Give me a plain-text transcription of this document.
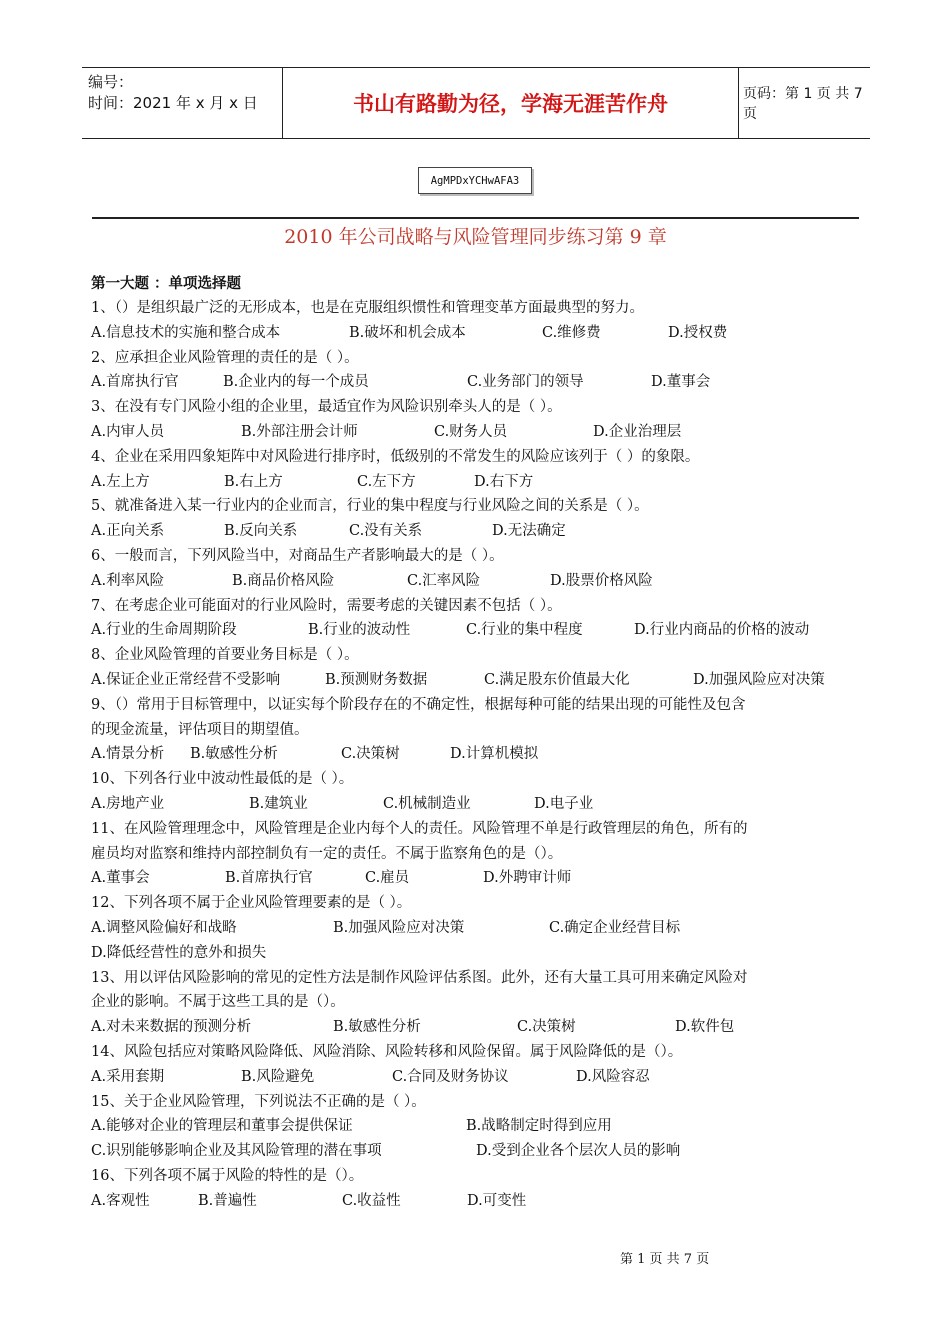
编号：
时间：2021 年 x 月 x 日	书山有路勤为径，学海无涯苦作舟	页码：第 1 页 共 7 页
AgMPDxYCHwAFA3
2010 年公司战略与风险管理同步练习第 9 章
第一大题 ：单项选择题
1、（）是组织最广泛的无形成本，也是在克服组织惯性和管理变革方面最典型的努力。
A.信息技术的实施和整合成本	B.破坏和机会成本	C.维修费	D.授权费
2、应承担企业风险管理的责任的是（ ）。
A.首席执行官	B.企业内的每一个成员	C.业务部门的领导	D.董事会
3、在没有专门风险小组的企业里，最适宜作为风险识别牵头人的是（ ）。
A.内审人员	B.外部注册会计师	C.财务人员	D.企业治理层
4、企业在采用四象矩阵中对风险进行排序时，低级别的不常发生的风险应该列于（ ）的象限。
A.左上方	B.右上方	C.左下方	D.右下方
5、就准备进入某一行业内的企业而言，行业的集中程度与行业风险之间的关系是（ ）。
A.正向关系	B.反向关系	C.没有关系	D.无法确定
6、一般而言，下列风险当中，对商品生产者影响最大的是（ ）。
A.利率风险	B.商品价格风险	C.汇率风险	D.股票价格风险
7、在考虑企业可能面对的行业风险时，需要考虑的关键因素不包括（ ）。
A.行业的生命周期阶段	B.行业的波动性	C.行业的集中程度	D.行业内商品的价格的波动
8、企业风险管理的首要业务目标是（ ）。
A.保证企业正常经营不受影响	B.预测财务数据	C.满足股东价值最大化	D.加强风险应对决策
9、（）常用于目标管理中，以证实每个阶段存在的不确定性，根据每种可能的结果出现的可能性及包含
的现金流量，评估项目的期望值。
A.情景分析 B.敏感性分析	C.决策树	D.计算机模拟
10、下列各行业中波动性最低的是（ ）。
A.房地产业	B.建筑业	C.机械制造业	D.电子业
11、在风险管理理念中，风险管理是企业内每个人的责任。风险管理不单是行政管理层的角色，所有的
雇员均对监察和维持内部控制负有一定的责任。不属于监察角色的是（）。
A.董事会	B.首席执行官	C.雇员	D.外聘审计师
12、下列各项不属于企业风险管理要素的是（ ）。
A.调整风险偏好和战略	B.加强风险应对决策	C.确定企业经营目标
D.降低经营性的意外和损失
13、用以评估风险影响的常见的定性方法是制作风险评估系图。此外，还有大量工具可用来确定风险对
企业的影响。不属于这些工具的是（）。
A.对未来数据的预测分析	B.敏感性分析	C.决策树	D.软件包
14、风险包括应对策略风险降低、风险消除、风险转移和风险保留。属于风险降低的是（）。
A.采用套期	B.风险避免	C.合同及财务协议	D.风险容忍
15、关于企业风险管理，下列说法不正确的是（ ）。
A.能够对企业的管理层和董事会提供保证	B.战略制定时得到应用
C.识别能够影响企业及其风险管理的潜在事项	D.受到企业各个层次人员的影响
16、下列各项不属于风险的特性的是（）。
A.客观性	B.普遍性	C.收益性	D.可变性
第 1 页 共 7 页
